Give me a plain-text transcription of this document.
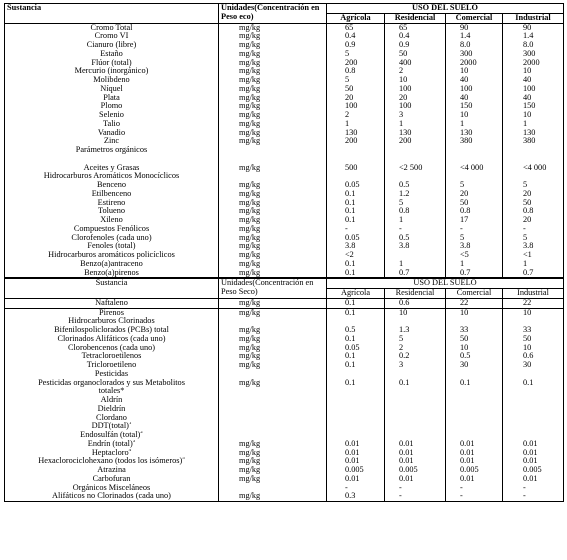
Sustancia	Unidades(Concentración en Peso eco)	USO DEL SUELO			
		Agrícola	Residencial	Comercial	Industrial
Cromo Total	mg/kg	65	65	90	90
Cromo VI	mg/kg	0.4	0.4	1.4	1.4
Cianuro (libre)	mg/kg	0.9	0.9	8.0	8.0
Estaño	mg/kg	5	50	300	300
Flúor (total)	mg/kg	200	400	2000	2000
Mercurio (inorgánico)	mg/kg	0.8	2	10	10
Molibdeno	mg/kg	5	10	40	40
Níquel	mg/kg	50	100	100	100
Plata	mg/kg	20	20	40	40
Plomo	mg/kg	100	100	150	150
Selenio	mg/kg	2	3	10	10
Talio	mg/kg	1	1	1	1
Vanadio	mg/kg	130	130	130	130
Zinc	mg/kg	200	200	380	380
Parámetros orgánicos					
Aceites y Grasas	mg/kg	500	<2 500	<4 000	<4 000
Hidrocarburos Aromáticos Monocíclicos					
Benceno	mg/kg	0.05	0.5	5	5
Etilbenceno	mg/kg	0.1	1.2	20	20
Estireno	mg/kg	0.1	5	50	50
Tolueno	mg/kg	0.1	0.8	0.8	0.8
Xileno	mg/kg	0.1	1	17	20
Compuestos Fenólicos	mg/kg	-	-	-	-
Clorofenoles (cada uno)	mg/kg	0.05	0.5	5	5
Fenoles (total)	mg/kg	3.8	3.8	3.8	3.8
Hidrocarburos aromáticos policíclicos	mg/kg	<2		<5	<1
Benzo(a)antraceno	mg/kg	0.1	1	1	1
Benzo(a)pirenos	mg/kg	0.1	0.7	0.7	0.7
Sustancia	Unidades(Concentración en Peso Seco)	USO DEL SUELO			
		Agrícola	Residencial	Comercial	Industrial
Naftaleno	mg/kg	0.1	0.6	22	22
Pirenos	mg/kg	0.1	10	10	10
Hidrocarburos Clorinados					
Bifenilospoliclorados (PCBs) total	mg/kg	0.5	1.3	33	33
Clorinados Alifáticos (cada uno)	mg/kg	0.1	5	50	50
Clorobencenos (cada uno)	mg/kg	0.05	2	10	10
Tetracloroetilenos	mg/kg	0.1	0.2	0.5	0.6
Tricloroetileno	mg/kg	0.1	3	30	30
Pesticidas					
Pesticidas organoclorados y sus Metabolitos	mg/kg	0.1	0.1	0.1	0.1
totales*					
Aldrín					
Dieldrín					
Clordano					
DDT(total)$^1$					
Endosulfán (total)$^2$					
Endrín (total)$^3$	mg/kg	0.01	0.01	0.01	0.01
Heptacloro$^4$	mg/kg	0.01	0.01	0.01	0.01
Hexaclorociclohexano (todos los isómeros)$^5$	mg/kg	0.01	0.01	0.01	0.01
Atrazina	mg/kg	0.005	0.005	0.005	0.005
Carbofuran	mg/kg	0.01	0.01	0.01	0.01
Orgánicos Misceláneos		-	-	-	-
Alifáticos no Clorinados (cada uno)	mg/kg	0.3	-	-	-
